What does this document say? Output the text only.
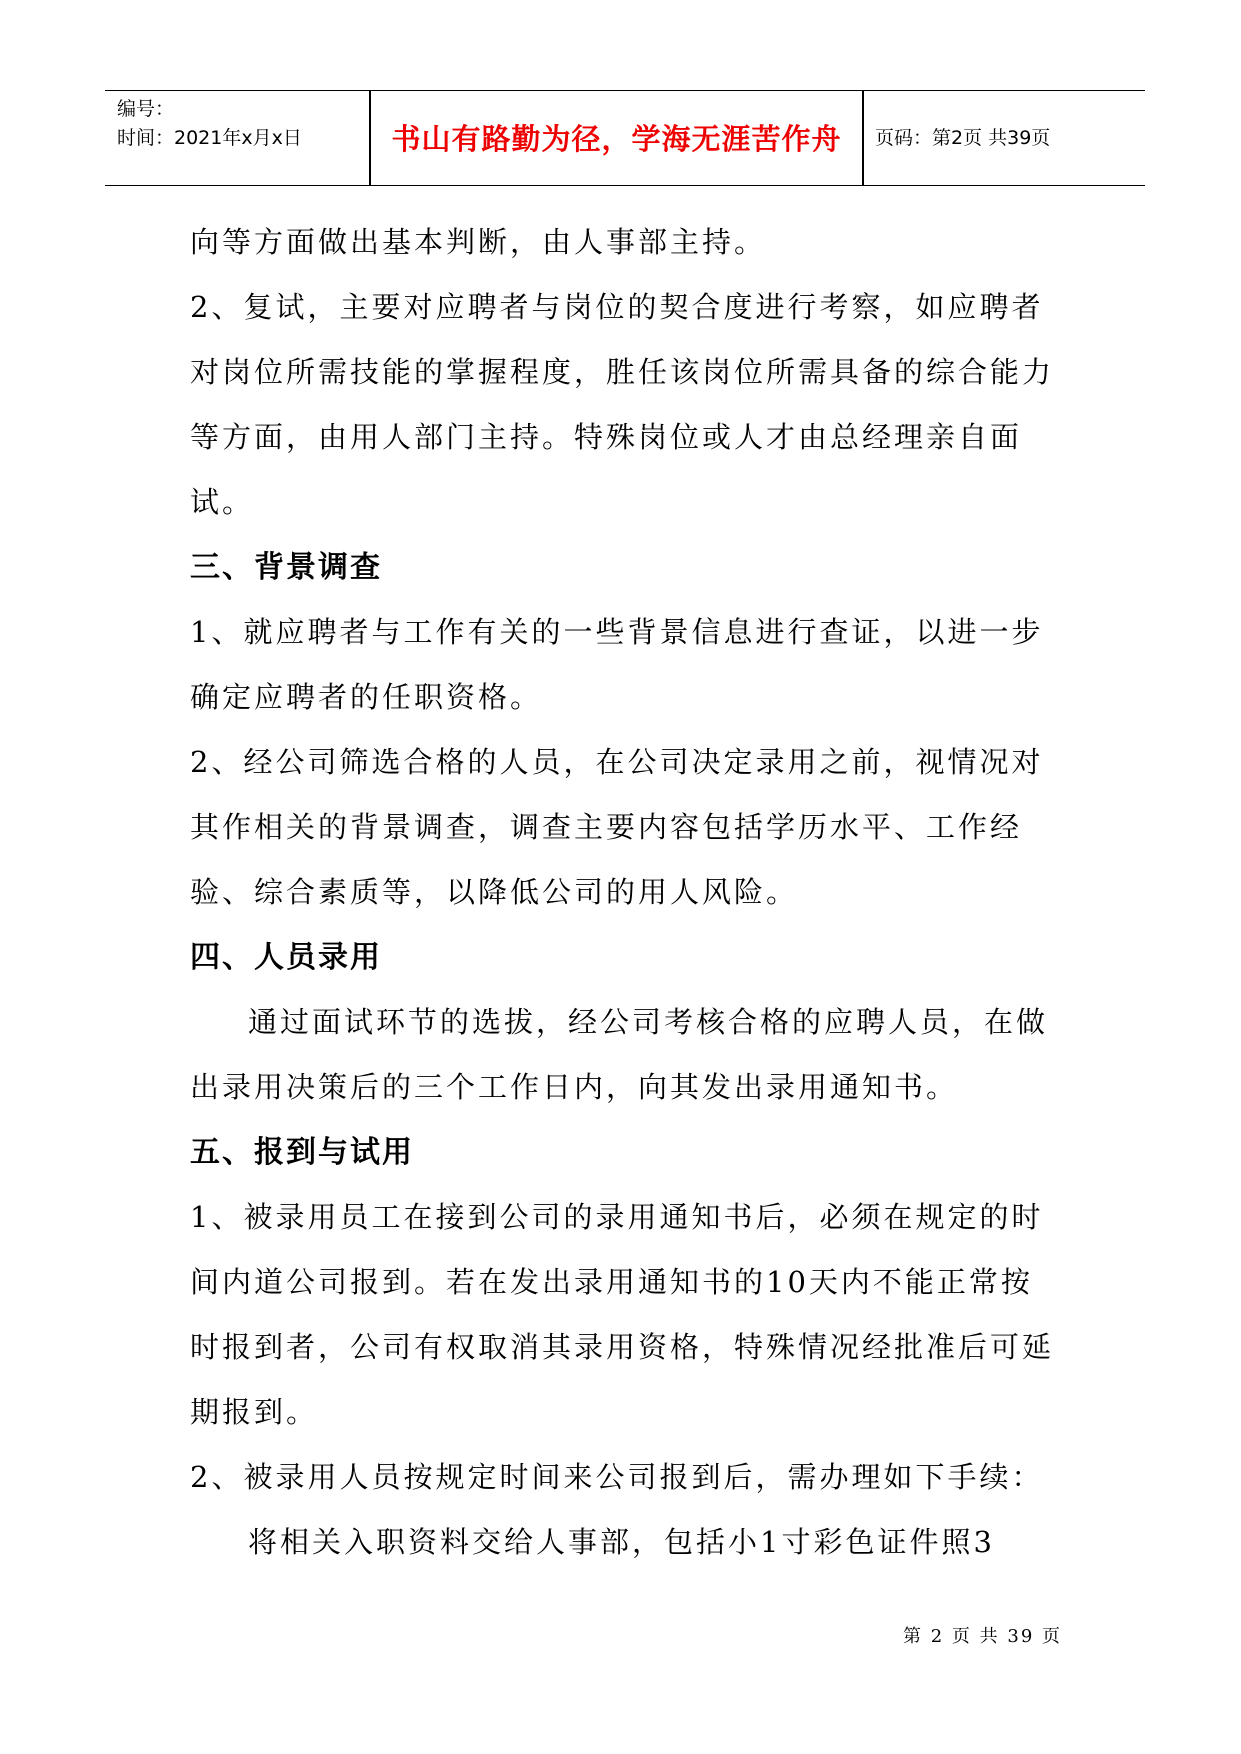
编号：
时间：2021年x月x日	书山有路勤为径，学海无涯苦作舟	页码：第2页 共39页

向等方面做出基本判断，由人事部主持。

2、复试，主要对应聘者与岗位的契合度进行考察，如应聘者对岗位所需技能的掌握程度，胜任该岗位所需具备的综合能力等方面，由用人部门主持。特殊岗位或人才由总经理亲自面试。

三、背景调查

1、就应聘者与工作有关的一些背景信息进行查证，以进一步确定应聘者的任职资格。

2、经公司筛选合格的人员，在公司决定录用之前，视情况对其作相关的背景调查，调查主要内容包括学历水平、工作经验、综合素质等，以降低公司的用人风险。

四、人员录用

通过面试环节的选拔，经公司考核合格的应聘人员，在做出录用决策后的三个工作日内，向其发出录用通知书。

五、报到与试用

1、被录用员工在接到公司的录用通知书后，必须在规定的时间内道公司报到。若在发出录用通知书的10天内不能正常按时报到者，公司有权取消其录用资格，特殊情况经批准后可延期报到。

2、被录用人员按规定时间来公司报到后，需办理如下手续：

将相关入职资料交给人事部，包括小1寸彩色证件照3

第 2 页 共 39 页
